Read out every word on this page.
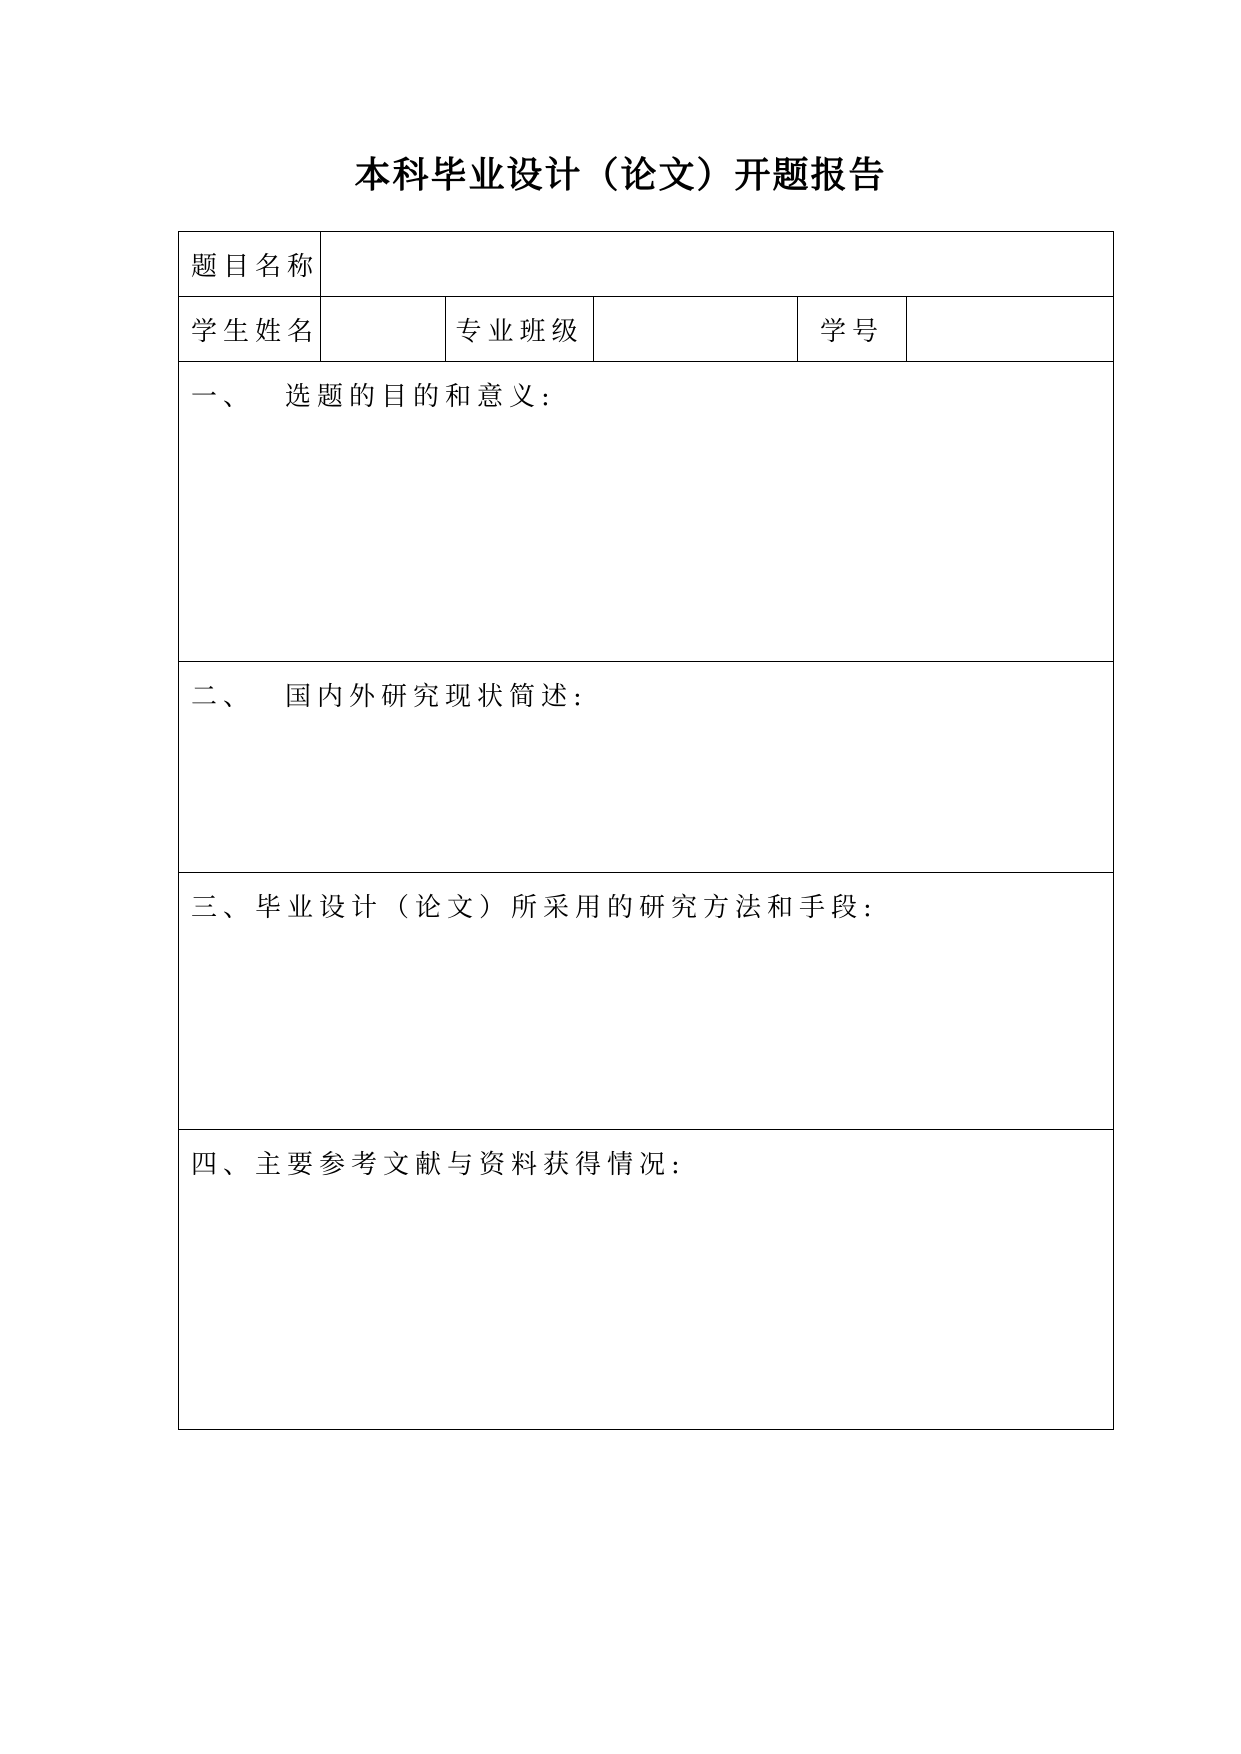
本科毕业设计（论文）开题报告
题目名称					
学生姓名		专业班级		学号	
一、 选题的目的和意义:					
二、 国内外研究现状简述:					
三、毕业设计（论文）所采用的研究方法和手段:					
四、主要参考文献与资料获得情况:					
